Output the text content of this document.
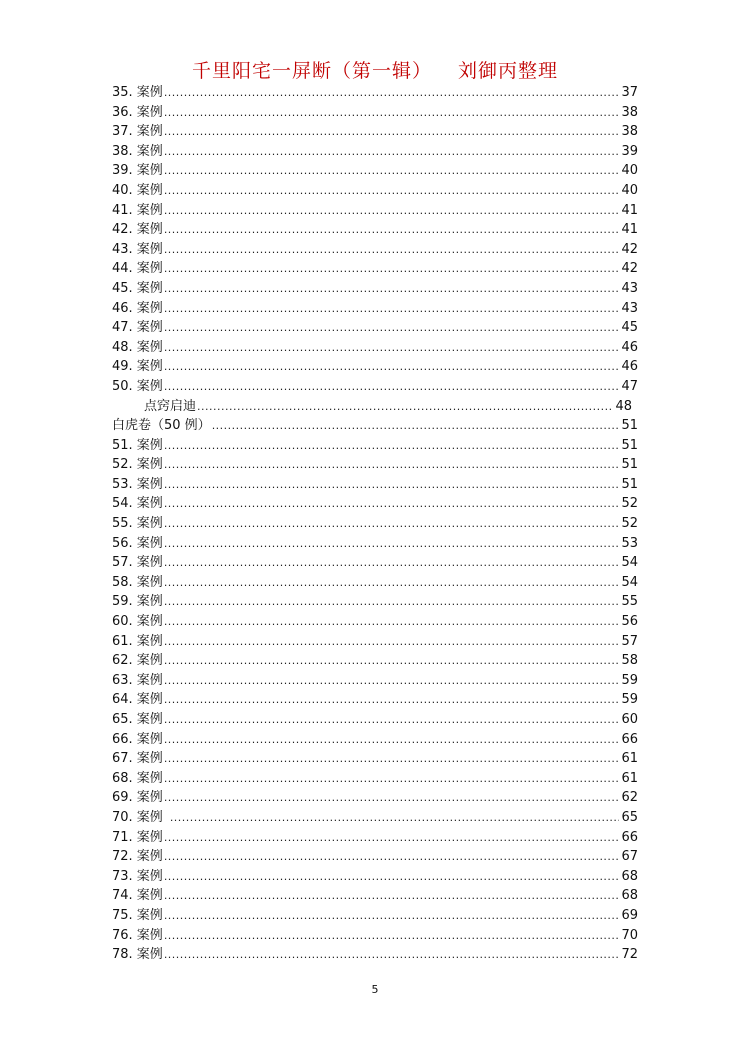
千里阳宅一屏断（第一辑） 刘御丙整理
35. 案例 .....	37
36. 案例 .....	38
37. 案例 .....	38
38. 案例 .....	39
39. 案例 .....	40
40. 案例 .....	40
41. 案例 .....	41
42. 案例 .....	41
43. 案例 .....	42
44. 案例 .....	42
45. 案例 .....	43
46. 案例 .....	43
47. 案例 .....	45
48. 案例 .....	46
49. 案例 .....	46
50. 案例 .....	47
点窍启迪 .....	48
白虎卷（50 例） .....	51
51. 案例 .....	51
52. 案例 .....	51
53. 案例 .....	51
54. 案例 .....	52
55. 案例 .....	52
56. 案例 .....	53
57. 案例 .....	54
58. 案例 .....	54
59. 案例 .....	55
60. 案例 .....	56
61. 案例 .....	57
62. 案例 .....	58
63. 案例 .....	59
64. 案例 .....	59
65. 案例 .....	60
66. 案例 .....	66
67. 案例 .....	61
68. 案例 .....	61
69. 案例 .....	62
70. 案例 .....	65
71. 案例 .....	66
72. 案例 .....	67
73. 案例 .....	68
74. 案例 .....	68
75. 案例 .....	69
76. 案例 .....	70
78. 案例 .....	72
5
